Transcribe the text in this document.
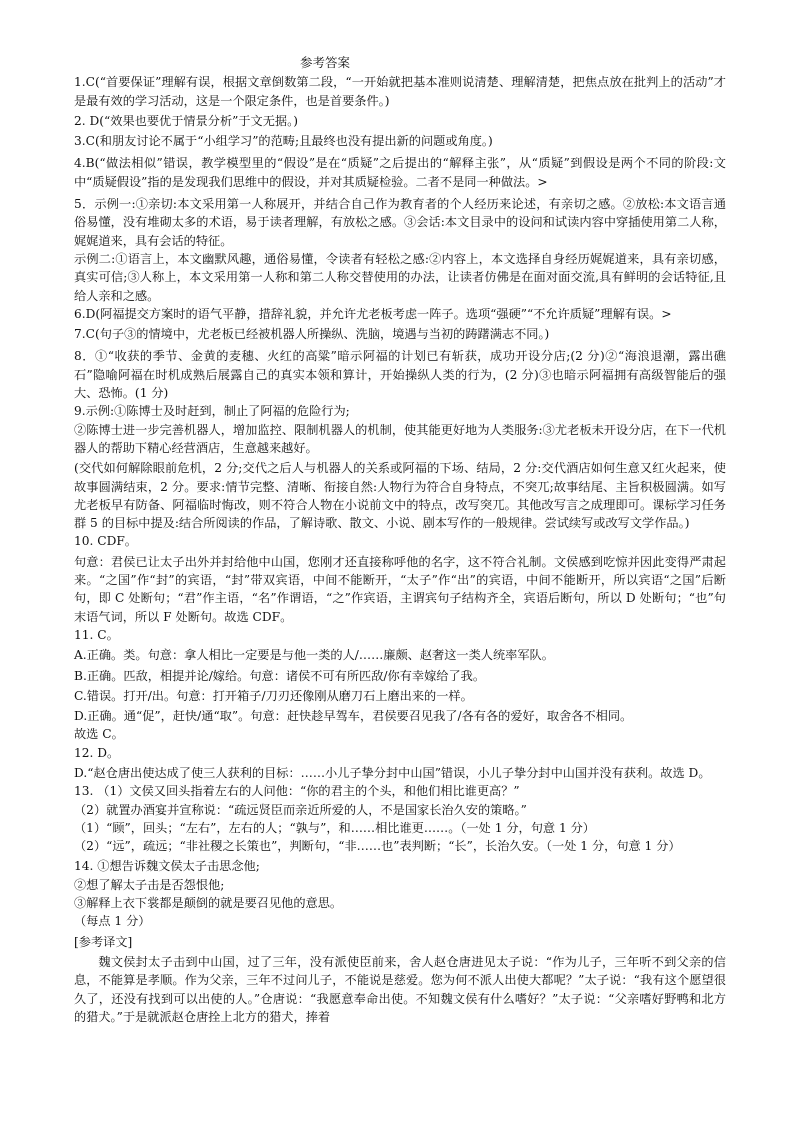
参考答案

1.C(“首要保证”理解有误，根据文章倒数第二段，“一开始就把基本准则说清楚、理解清楚，把焦点放在批判上的活动”才是最有效的学习活动，这是一个限定条件，也是首要条件。)

2. D(“效果也要优于情景分析”于文无据。)

3.C(和朋友讨论不属于“小组学习”的范畴;且最终也没有提出新的问题或角度。)

4.B(“做法相似”错误，教学模型里的“假设”是在“质疑”之后提出的“解释主张”，从“质疑”到假设是两个不同的阶段:文中“质疑假设”指的是发现我们思维中的假设，并对其质疑检验。二者不是同一种做法。>

5．示例一:①亲切:本文采用第一人称展开，并结合自己作为教育者的个人经历来论述，有亲切之感。②放松:本文语言通俗易懂，没有堆砌太多的术语，易于读者理解，有放松之感。③会话:本文目录中的设问和试读内容中穿插使用第二人称，娓娓道来，具有会话的特征。

示例二:①语言上，本文幽默风趣，通俗易懂，令读者有轻松之感:②内容上，本文选择自身经历娓娓道来，具有亲切感，真实可信;③人称上，本文采用第一人称和第二人称交替使用的办法，让读者仿佛是在面对面交流,具有鲜明的会话特征,且给人亲和之感。

6.D(阿福提交方案时的语气平静，措辞礼貌，并允许尤老板考虑一阵子。选项“强硬”“不允许质疑”理解有误。>

7.C(句子③的情境中，尤老板已经被机器人所操纵、洗脑，境遇与当初的踌躇满志不同。)

8．①“收获的季节、金黄的麦穗、火红的高粱”暗示阿福的计划已有斩获，成功开设分店;(2 分)②“海浪退潮，露出礁石”隐喻阿福在时机成熟后展露自己的真实本领和算计，开始操纵人类的行为，(2 分)③也暗示阿福拥有高级智能后的强大、恐怖。(1 分)

9.示例:①陈博士及时赶到，制止了阿福的危险行为;

②陈博士进一步完善机器人，增加监控、限制机器人的机制，使其能更好地为人类服务:③尤老板未开设分店，在下一代机器人的帮助下精心经营酒店，生意越来越好。

(交代如何解除眼前危机，2 分;交代之后人与机器人的关系或阿福的下场、结局，2 分:交代酒店如何生意又红火起来，使故事圆满结束，2 分。要求:情节完整、清晰、衔接自然:人物行为符合自身特点，不突兀;故事结尾、主旨积极圆满。如写尤老板早有防备、阿福临时悔改，则不符合人物在小说前文中的特点，改写突兀。其他改写言之成理即可。课标学习任务群 5 的目标中提及:结合所阅读的作品，了解诗歌、散文、小说、剧本写作的一般规律。尝试续写或改写文学作品。)

10. CDF。

句意：君侯已让太子出外并封给他中山国，您刚才还直接称呼他的名字，这不符合礼制。文侯感到吃惊并因此变得严肃起来。“之国”作“封”的宾语，“封”带双宾语，中间不能断开，“太子”作“出”的宾语，中间不能断开，所以宾语“之国”后断句，即 C 处断句；“君”作主语，“名”作谓语，“之”作宾语，主谓宾句子结构齐全，宾语后断句，所以 D 处断句；“也”句末语气词，所以 F 处断句。故选 CDF。

11. C。

A.正确。类。句意：拿人相比一定要是与他一类的人/……廉颇、赵奢这一类人统率军队。

B.正确。匹敌，相提并论/嫁给。句意：诸侯不可有所匹敌/你有幸嫁给了我。

C.错误。打开/出。句意：打开箱子/刀刃还像刚从磨刀石上磨出来的一样。

D.正确。通“促”，赶快/通“取”。句意：赶快趁早驾车，君侯要召见我了/各有各的爱好，取舍各不相同。

故选 C。

12. D。

D.“赵仓唐出使达成了使三人获利的目标：……小儿子挚分封中山国”错误，小儿子挚分封中山国并没有获利。故选 D。

13. （1）文侯又回头指着左右的人问他：“你的君主的个头，和他们相比谁更高？”

（2）就置办酒宴并宣称说：“疏远贤臣而亲近所爱的人，不是国家长治久安的策略。”

（1）“顾”，回头；“左右”，左右的人；“孰与”，和……相比谁更……。（一处 1 分，句意 1 分）

（2）“远”，疏远；“非社稷之长策也”，判断句，“非……也”表判断；“长”，长治久安。（一处 1 分，句意 1 分）

14. ①想告诉魏文侯太子击思念他;

②想了解太子击是否怨恨他;

③解释上衣下裳都是颠倒的就是要召见他的意思。

（每点 1 分）

[参考译文]

魏文侯封太子击到中山国，过了三年，没有派使臣前来，舍人赵仓唐进见太子说：“作为儿子，三年听不到父亲的信息，不能算是孝顺。作为父亲，三年不过问儿子，不能说是慈爱。您为何不派人出使大都呢？”太子说：“我有这个愿望很久了，还没有找到可以出使的人。”仓唐说：“我愿意奉命出使。不知魏文侯有什么嗜好？”太子说：“父亲嗜好野鸭和北方的猎犬。”于是就派赵仓唐拴上北方的猎犬，捧着
